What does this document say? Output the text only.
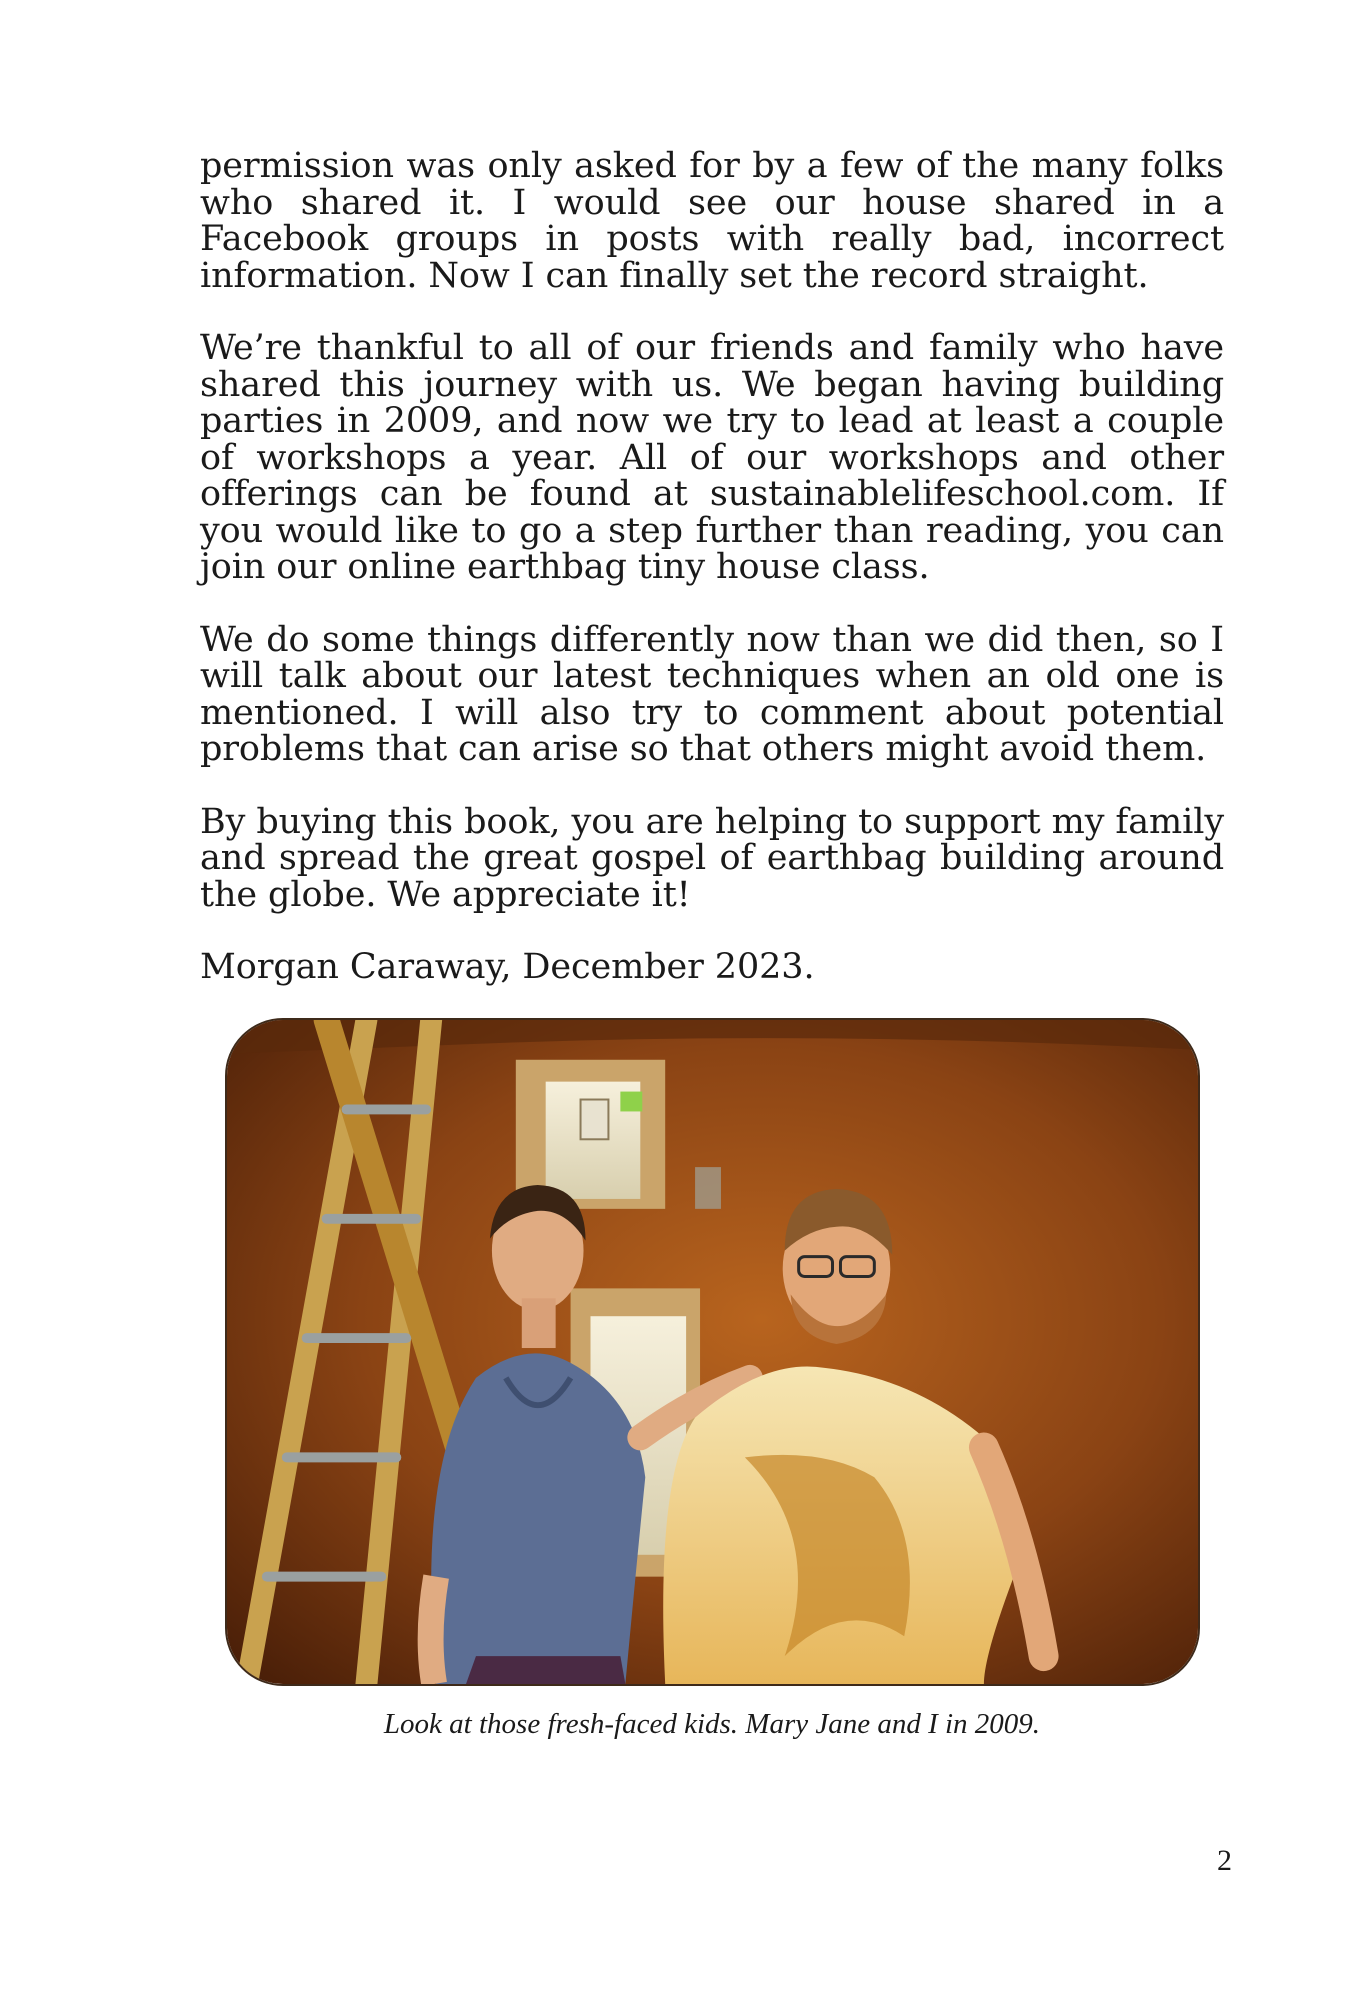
permission was only asked for by a few of the many folks who shared it. I would see our house shared in a Facebook groups in posts with really bad, incorrect information. Now I can finally set the record straight.

We’re thankful to all of our friends and family who have shared this journey with us. We began having building parties in 2009, and now we try to lead at least a couple of workshops a year. All of our workshops and other offerings can be found at sustainablelifeschool.com. If you would like to go a step further than reading, you can join our online earthbag tiny house class.

We do some things differently now than we did then, so I will talk about our latest techniques when an old one is mentioned. I will also try to comment about potential problems that can arise so that others might avoid them.

By buying this book, you are helping to support my family and spread the great gospel of earthbag building around the globe. We appreciate it!

Morgan Caraway, December 2023.

Look at those fresh-faced kids. Mary Jane and I in 2009.
2
